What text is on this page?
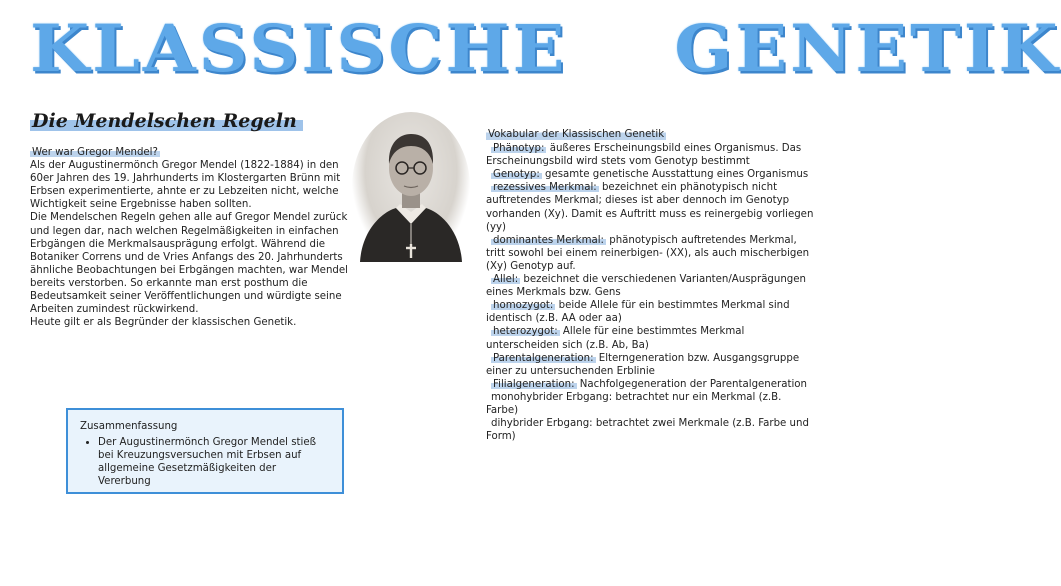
KLASSISCHE GENETIK
Die Mendelschen Regeln

Wer war Gregor Mendel?

Als der Augustinermönch Gregor Mendel (1822-1884) in den 60er Jahren des 19. Jahrhunderts im Klostergarten Brünn mit Erbsen experimentierte, ahnte er zu Lebzeiten nicht, welche Wichtigkeit seine Ergebnisse haben sollten.

Die Mendelschen Regeln gehen alle auf Gregor Mendel zurück und legen dar, nach welchen Regelmäßigkeiten in einfachen Erbgängen die Merkmalsausprägung erfolgt. Während die Botaniker Correns und de Vries Anfangs des 20. Jahrhunderts ähnliche Beobachtungen bei Erbgängen machten, war Mendel bereits verstorben. So erkannte man erst posthum die Bedeutsamkeit seiner Veröffentlichungen und würdigte seine Arbeiten zumindest rückwirkend.

Heute gilt er als Begründer der klassischen Genetik.

Zusammenfassung
• Der Augustinermönch Gregor Mendel stieß bei Kreuzungsversuchen mit Erbsen auf allgemeine Gesetzmäßigkeiten der Vererbung
Vokabular der Klassischen Genetik

Phänotyp: äußeres Erscheinungsbild eines Organismus. Das Erscheinungsbild wird stets vom Genotyp bestimmt

Genotyp: gesamte genetische Ausstattung eines Organismus

rezessives Merkmal: bezeichnet ein phänotypisch nicht auftretendes Merkmal; dieses ist aber dennoch im Genotyp vorhanden (Xy). Damit es Auftritt muss es reinergebig vorliegen (yy)

dominantes Merkmal: phänotypisch auftretendes Merkmal, tritt sowohl bei einem reinerbigen- (XX), als auch mischerbigen (Xy) Genotyp auf.

Allel: bezeichnet die verschiedenen Varianten/Ausprägungen eines Merkmals bzw. Gens

homozygot: beide Allele für ein bestimmtes Merkmal sind identisch (z.B. AA oder aa)

heterozygot: Allele für eine bestimmtes Merkmal unterscheiden sich (z.B. Ab, Ba)

Parentalgeneration: Elterngeneration bzw. Ausgangsgruppe einer zu untersuchenden Erblinie

Filialgeneration: Nachfolgegeneration der Parentalgeneration

monohybrider Erbgang: betrachtet nur ein Merkmal (z.B. Farbe)

dihybrider Erbgang: betrachtet zwei Merkmale (z.B. Farbe und Form)
